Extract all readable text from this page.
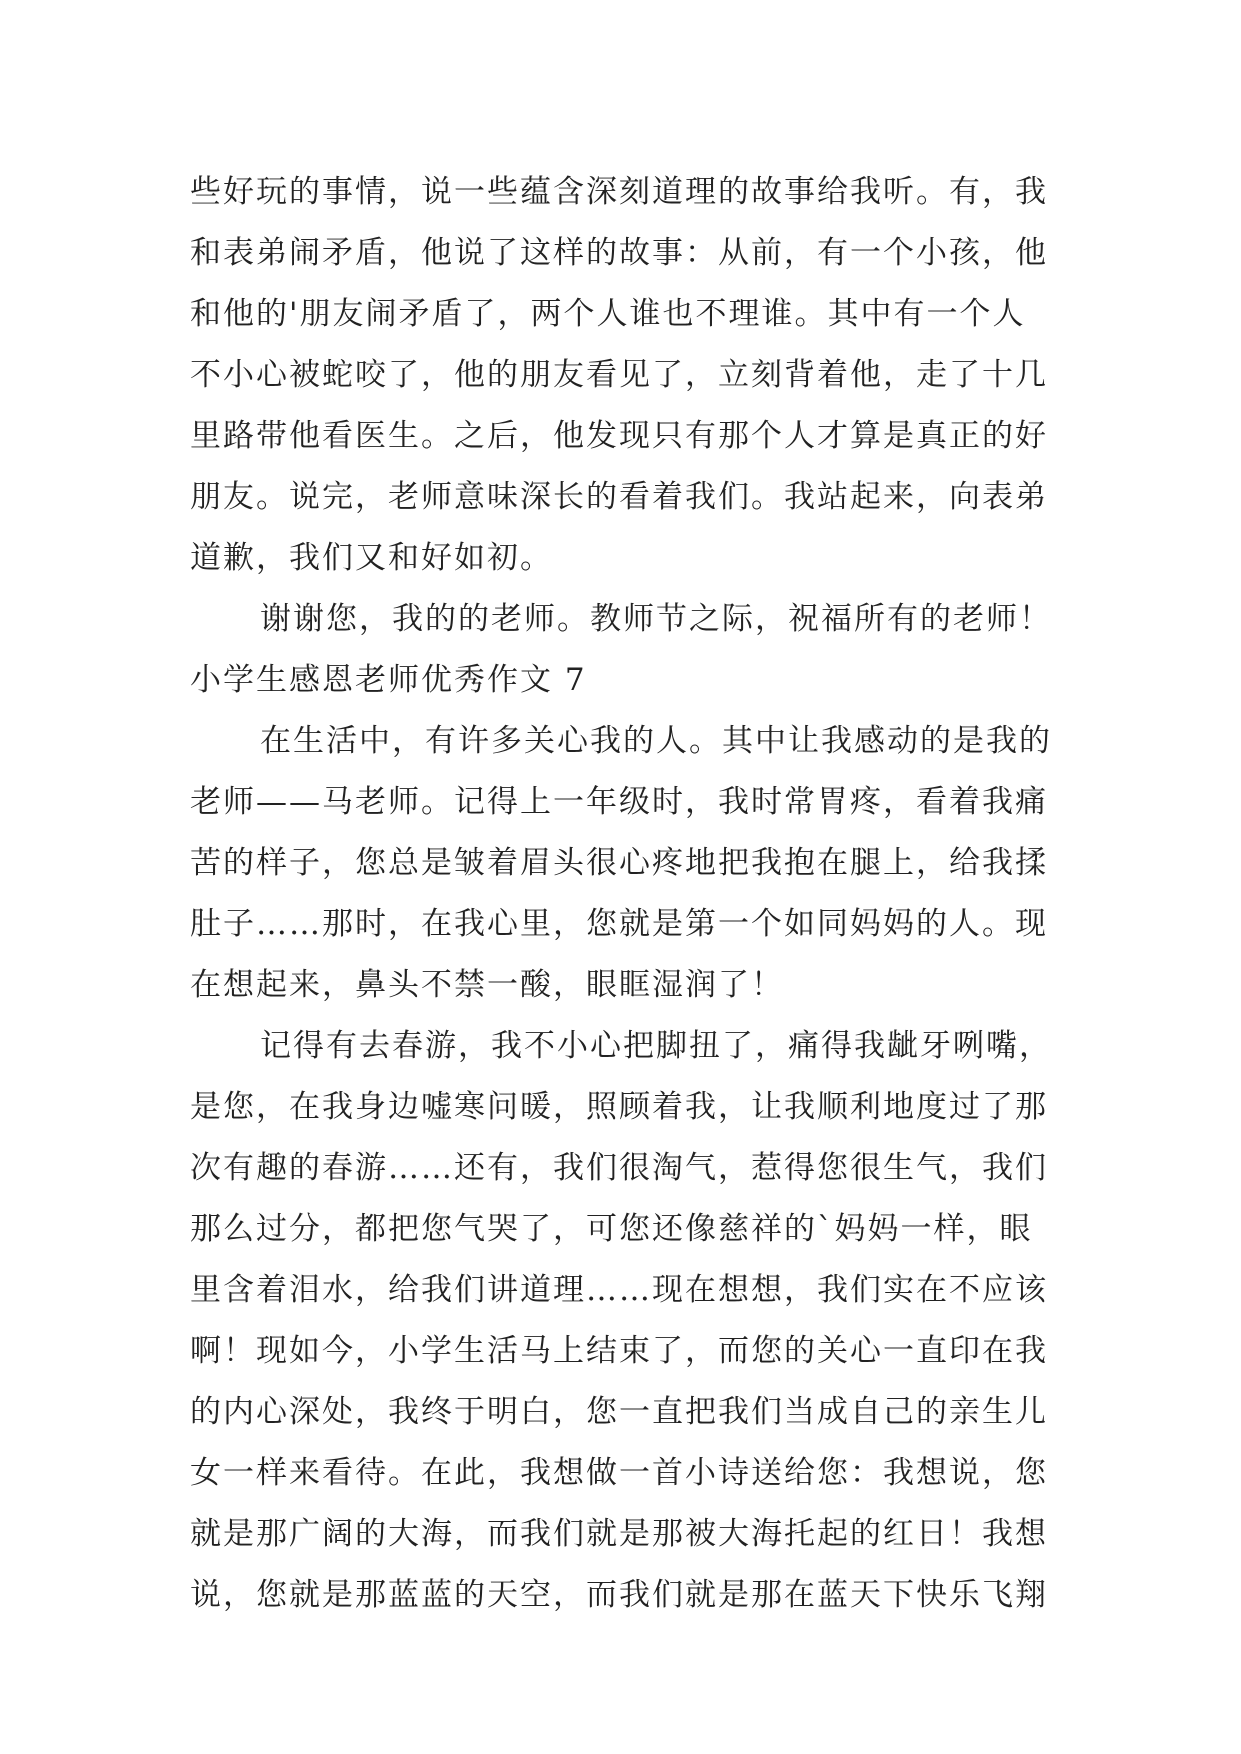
些好玩的事情，说一些蕴含深刻道理的故事给我听。有，我
和表弟闹矛盾，他说了这样的故事：从前，有一个小孩，他
和他的'朋友闹矛盾了，两个人谁也不理谁。其中有一个人
不小心被蛇咬了，他的朋友看见了，立刻背着他，走了十几
里路带他看医生。之后，他发现只有那个人才算是真正的好
朋友。说完，老师意味深长的看着我们。我站起来，向表弟
道歉，我们又和好如初。
谢谢您，我的的老师。教师节之际，祝福所有的老师！
小学生感恩老师优秀作文 7
在生活中，有许多关心我的人。其中让我感动的是我的
老师——马老师。记得上一年级时，我时常胃疼，看着我痛
苦的样子，您总是皱着眉头很心疼地把我抱在腿上，给我揉
肚子……那时，在我心里，您就是第一个如同妈妈的人。现
在想起来，鼻头不禁一酸，眼眶湿润了！
记得有去春游，我不小心把脚扭了，痛得我龇牙咧嘴，
是您，在我身边嘘寒问暖，照顾着我，让我顺利地度过了那
次有趣的春游……还有，我们很淘气，惹得您很生气，我们
那么过分，都把您气哭了，可您还像慈祥的`妈妈一样，眼
里含着泪水，给我们讲道理……现在想想，我们实在不应该
啊！现如今，小学生活马上结束了，而您的关心一直印在我
的内心深处，我终于明白，您一直把我们当成自己的亲生儿
女一样来看待。在此，我想做一首小诗送给您：我想说，您
就是那广阔的大海，而我们就是那被大海托起的红日！我想
说，您就是那蓝蓝的天空，而我们就是那在蓝天下快乐飞翔
